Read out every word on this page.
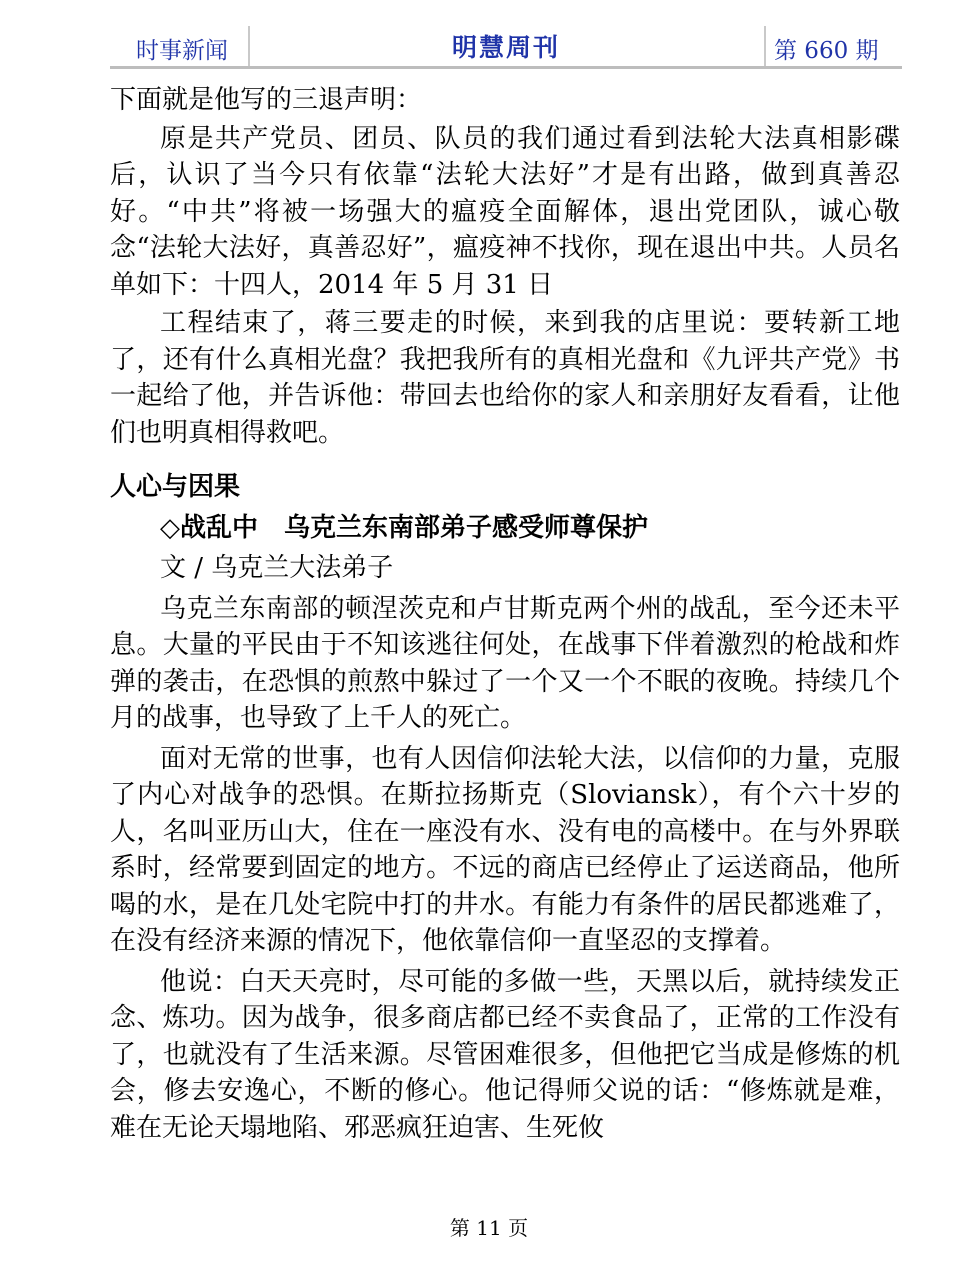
时事新闻	明慧周刊	第 660 期

下面就是他写的三退声明：

原是共产党员、团员、队员的我们通过看到法轮大法真相影碟后，认识了当今只有依靠“法轮大法好”才是有出路，做到真善忍好。“中共”将被一场强大的瘟疫全面解体，退出党团队，诚心敬念“法轮大法好，真善忍好”，瘟疫神不找你，现在退出中共。人员名单如下：十四人，2014 年 5 月 31 日

工程结束了，蒋三要走的时候，来到我的店里说：要转新工地了，还有什么真相光盘？我把我所有的真相光盘和《九评共产党》书一起给了他，并告诉他：带回去也给你的家人和亲朋好友看看，让他们也明真相得救吧。

人心与因果

◇战乱中　乌克兰东南部弟子感受师尊保护

文 / 乌克兰大法弟子

乌克兰东南部的顿涅茨克和卢甘斯克两个州的战乱，至今还未平息。大量的平民由于不知该逃往何处，在战事下伴着激烈的枪战和炸弹的袭击，在恐惧的煎熬中躲过了一个又一个不眠的夜晚。持续几个月的战事，也导致了上千人的死亡。

面对无常的世事，也有人因信仰法轮大法，以信仰的力量，克服了内心对战争的恐惧。在斯拉扬斯克（Sloviansk），有个六十岁的人，名叫亚历山大，住在一座没有水、没有电的高楼中。在与外界联系时，经常要到固定的地方。不远的商店已经停止了运送商品，他所喝的水，是在几处宅院中打的井水。有能力有条件的居民都逃难了，在没有经济来源的情况下，他依靠信仰一直坚忍的支撑着。

他说：白天天亮时，尽可能的多做一些，天黑以后，就持续发正念、炼功。因为战争，很多商店都已经不卖食品了，正常的工作没有了，也就没有了生活来源。尽管困难很多，但他把它当成是修炼的机会，修去安逸心，不断的修心。他记得师父说的话：“修炼就是难，难在无论天塌地陷、邪恶疯狂迫害、生死攸

第 11 页
